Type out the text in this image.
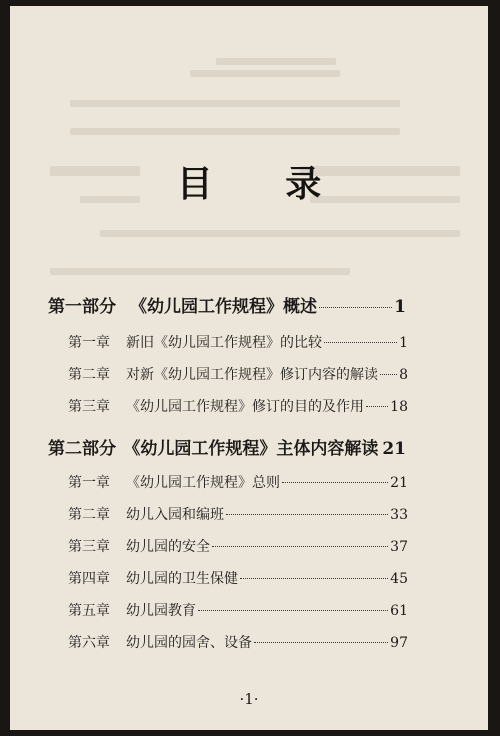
目 录
第一部分 《幼儿园工作规程》概述	1
第一章	新旧《幼儿园工作规程》的比较	1
第二章	对新《幼儿园工作规程》修订内容的解读 8
第三章	《幼儿园工作规程》修订的目的及作用 18
第二部分 《幼儿园工作规程》主体内容解读 21
第一章	《幼儿园工作规程》总则	21
第二章	幼儿入园和编班	33
第三章	幼儿园的安全	37
第四章	幼儿园的卫生保健	45
第五章	幼儿园教育	61
第六章	幼儿园的园舍、设备	97
·1·
